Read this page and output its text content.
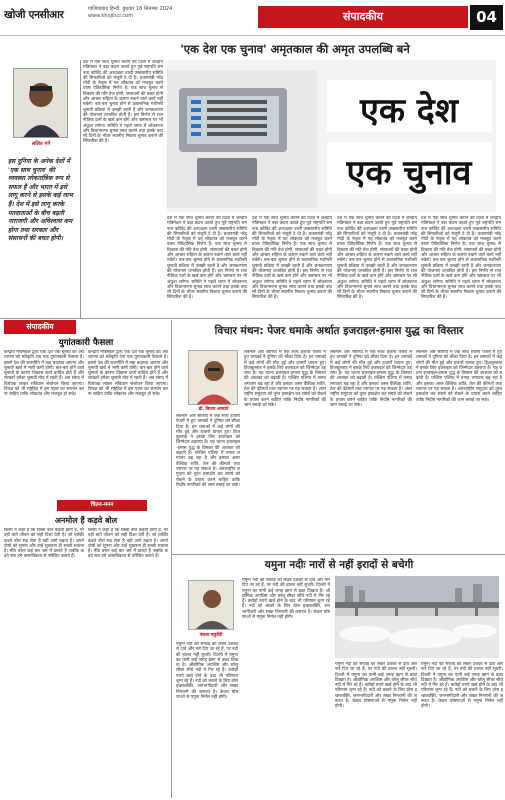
खोजी एनसीआर	गाजियाबाद हिन्दी, बुधवार 18 सितम्बर 2024
www.khojincr.com	संपादकीय	04
'एक देश एक चुनाव' अमृतकाल की अमृत उपलब्धि बने
ललित गर्ग
इस दुनिया के अनेक देशों में 'एक साथ चुनाव' की व्यवस्था लोकतांत्रिक रूप से सफल है और भारत में इसे लागू करने से इसके कई लाभ हैं। देश में इसे लागू करके मतदाताओं के बीच बढ़ती नाराजगी और अविश्वास कम होगा तथा सरकार और संसाधनों की बचत होगी।
एक देश
एक चुनाव
देश में एक साथ चुनाव कराने की दिशा में केन्द्रीय मंत्रिमंडल ने बड़ा कदम उठाते हुए पूर्व राष्ट्रपति रामनाथ कोविंद की अध्यक्षता वाली उच्चस्तरीय समिति की सिफारिशों को मंजूरी दे दी है। प्रधानमंत्री नरेंद्र मोदी के नेतृत्व में यह लोकतंत्र को मजबूत करने वाला ऐतिहासिक निर्णय है। एक साथ चुनाव से विकास की गति तेज होगी, संसाधनों की बचत होगी और आचार संहिता के कारण रुकने वाले कार्य नहीं रुकेंगे। बार-बार चुनाव होने से प्रशासनिक मशीनरी चुनावी प्रक्रिया में उलझी रहती है और जनकल्याण की योजनाएं प्रभावित होती हैं। इस निर्णय से राजनीतिक दलों के खर्च कम होंगे और भ्रष्टाचार पर भी अंकुश लगेगा। समिति ने पहले चरण में लोकसभा और विधानसभा चुनाव साथ कराने तथा इसके बाद सौ दिनों के भीतर स्थानीय निकाय चुनाव कराने की सिफारिश की है।
देश में एक साथ चुनाव कराने की दिशा में केन्द्रीय मंत्रिमंडल ने बड़ा कदम उठाते हुए पूर्व राष्ट्रपति रामनाथ कोविंद की अध्यक्षता वाली उच्चस्तरीय समिति की सिफारिशों को मंजूरी दे दी है। प्रधानमंत्री नरेंद्र मोदी के नेतृत्व में यह लोकतंत्र को मजबूत करने वाला ऐतिहासिक निर्णय है। एक साथ चुनाव से विकास की गति तेज होगी, संसाधनों की बचत होगी और आचार संहिता के कारण रुकने वाले कार्य नहीं रुकेंगे। बार-बार चुनाव होने से प्रशासनिक मशीनरी चुनावी प्रक्रिया में उलझी रहती है और जनकल्याण की योजनाएं प्रभावित होती हैं। इस निर्णय से राजनीतिक दलों के खर्च कम होंगे और भ्रष्टाचार पर भी अंकुश लगेगा। समिति ने पहले चरण में लोकसभा और विधानसभा चुनाव साथ कराने तथा इसके बाद सौ दिनों के भीतर स्थानीय निकाय चुनाव कराने की सिफारिश की है।
देश में एक साथ चुनाव कराने की दिशा में केन्द्रीय मंत्रिमंडल ने बड़ा कदम उठाते हुए पूर्व राष्ट्रपति रामनाथ कोविंद की अध्यक्षता वाली उच्चस्तरीय समिति की सिफारिशों को मंजूरी दे दी है। प्रधानमंत्री नरेंद्र मोदी के नेतृत्व में यह लोकतंत्र को मजबूत करने वाला ऐतिहासिक निर्णय है। एक साथ चुनाव से विकास की गति तेज होगी, संसाधनों की बचत होगी और आचार संहिता के कारण रुकने वाले कार्य नहीं रुकेंगे। बार-बार चुनाव होने से प्रशासनिक मशीनरी चुनावी प्रक्रिया में उलझी रहती है और जनकल्याण की योजनाएं प्रभावित होती हैं। इस निर्णय से राजनीतिक दलों के खर्च कम होंगे और भ्रष्टाचार पर भी अंकुश लगेगा। समिति ने पहले चरण में लोकसभा और विधानसभा चुनाव साथ कराने तथा इसके बाद सौ दिनों के भीतर स्थानीय निकाय चुनाव कराने की सिफारिश की है।
देश में एक साथ चुनाव कराने की दिशा में केन्द्रीय मंत्रिमंडल ने बड़ा कदम उठाते हुए पूर्व राष्ट्रपति रामनाथ कोविंद की अध्यक्षता वाली उच्चस्तरीय समिति की सिफारिशों को मंजूरी दे दी है। प्रधानमंत्री नरेंद्र मोदी के नेतृत्व में यह लोकतंत्र को मजबूत करने वाला ऐतिहासिक निर्णय है। एक साथ चुनाव से विकास की गति तेज होगी, संसाधनों की बचत होगी और आचार संहिता के कारण रुकने वाले कार्य नहीं रुकेंगे। बार-बार चुनाव होने से प्रशासनिक मशीनरी चुनावी प्रक्रिया में उलझी रहती है और जनकल्याण की योजनाएं प्रभावित होती हैं। इस निर्णय से राजनीतिक दलों के खर्च कम होंगे और भ्रष्टाचार पर भी अंकुश लगेगा। समिति ने पहले चरण में लोकसभा और विधानसभा चुनाव साथ कराने तथा इसके बाद सौ दिनों के भीतर स्थानीय निकाय चुनाव कराने की सिफारिश की है।
देश में एक साथ चुनाव कराने की दिशा में केन्द्रीय मंत्रिमंडल ने बड़ा कदम उठाते हुए पूर्व राष्ट्रपति रामनाथ कोविंद की अध्यक्षता वाली उच्चस्तरीय समिति की सिफारिशों को मंजूरी दे दी है। प्रधानमंत्री नरेंद्र मोदी के नेतृत्व में यह लोकतंत्र को मजबूत करने वाला ऐतिहासिक निर्णय है। एक साथ चुनाव से विकास की गति तेज होगी, संसाधनों की बचत होगी और आचार संहिता के कारण रुकने वाले कार्य नहीं रुकेंगे। बार-बार चुनाव होने से प्रशासनिक मशीनरी चुनावी प्रक्रिया में उलझी रहती है और जनकल्याण की योजनाएं प्रभावित होती हैं। इस निर्णय से राजनीतिक दलों के खर्च कम होंगे और भ्रष्टाचार पर भी अंकुश लगेगा। समिति ने पहले चरण में लोकसभा और विधानसभा चुनाव साथ कराने तथा इसके बाद सौ दिनों के भीतर स्थानीय निकाय चुनाव कराने की सिफारिश की है।
संपादकीय
युगांतकारी फैसला
केन्द्रीय मंत्रिमंडल द्वारा एक देश एक चुनाव की अवधारणा को स्वीकृति देना एक युगांतकारी फैसला है। इससे देश की राजनीति में बड़ा बदलाव आएगा और चुनावी खर्च में भारी कमी होगी। बार-बार होने वाले चुनावों के कारण विकास कार्य बाधित होते हैं और सरकारें हमेशा चुनावी मोड में रहती हैं। अब संसद में विधेयक लाकर संविधान संशोधन किया जाएगा। विपक्ष को भी राष्ट्रहित में इस पहल का समर्थन करना चाहिए ताकि लोकतंत्र और मजबूत हो सके।
केन्द्रीय मंत्रिमंडल द्वारा एक देश एक चुनाव की अवधारणा को स्वीकृति देना एक युगांतकारी फैसला है। इससे देश की राजनीति में बड़ा बदलाव आएगा और चुनावी खर्च में भारी कमी होगी। बार-बार होने वाले चुनावों के कारण विकास कार्य बाधित होते हैं और सरकारें हमेशा चुनावी मोड में रहती हैं। अब संसद में विधेयक लाकर संविधान संशोधन किया जाएगा। विपक्ष को भी राष्ट्रहित में इस पहल का समर्थन करना चाहिए ताकि लोकतंत्र और मजबूत हो सके।
चिंतन-मनन
अनमोल हैं कड़वे बोल
किसी ने कहा है कि सच्ची बातें कड़वी होती हैं, पर वही बातें जीवन को सही दिशा देती हैं। जो व्यक्ति कड़वे बोल सह लेता है वही आगे बढ़ता है। अपने दोषों को सुनना और उन्हें सुधारना ही सच्ची साधना है। मीठे वचन कई बार भ्रम में डालते हैं जबकि कड़वे सच हमें वास्तविकता से परिचित कराते हैं।
किसी ने कहा है कि सच्ची बातें कड़वी होती हैं, पर वही बातें जीवन को सही दिशा देती हैं। जो व्यक्ति कड़वे बोल सह लेता है वही आगे बढ़ता है। अपने दोषों को सुनना और उन्हें सुधारना ही सच्ची साधना है। मीठे वचन कई बार भ्रम में डालते हैं जबकि कड़वे सच हमें वास्तविकता से परिचित कराते हैं।
विचार मंथन: पेजर धमाके अर्थात इजराइल-हमास युद्ध का विस्तार
डॉ. विजय आचार्य
लेबनान और सीरिया में एक साथ हजारों पेजरों में हुए धमाकों ने दुनिया को चौंका दिया है। इन धमाकों में कई लोगों की मौत हुई और हजारों घायल हुए। हिजबुल्लाह ने इसके लिए इजराइल को जिम्मेदार ठहराया है। यह घटना इजराइल-हमास युद्ध के विस्तार की आशंका को बढ़ाती है। पश्चिम एशिया में तनाव लगातार बढ़ रहा है और इसका असर वैश्विक शांति, तेल की कीमतों तथा व्यापार पर पड़ सकता है। अंतरराष्ट्रीय समुदाय को तुरंत हस्तक्षेप कर संघर्ष को रोकने के प्रयास करने चाहिए ताकि निर्दोष नागरिकों की जान बचाई जा सके।
लेबनान और सीरिया में एक साथ हजारों पेजरों में हुए धमाकों ने दुनिया को चौंका दिया है। इन धमाकों में कई लोगों की मौत हुई और हजारों घायल हुए। हिजबुल्लाह ने इसके लिए इजराइल को जिम्मेदार ठहराया है। यह घटना इजराइल-हमास युद्ध के विस्तार की आशंका को बढ़ाती है। पश्चिम एशिया में तनाव लगातार बढ़ रहा है और इसका असर वैश्विक शांति, तेल की कीमतों तथा व्यापार पर पड़ सकता है। अंतरराष्ट्रीय समुदाय को तुरंत हस्तक्षेप कर संघर्ष को रोकने के प्रयास करने चाहिए ताकि निर्दोष नागरिकों की जान बचाई जा सके।
लेबनान और सीरिया में एक साथ हजारों पेजरों में हुए धमाकों ने दुनिया को चौंका दिया है। इन धमाकों में कई लोगों की मौत हुई और हजारों घायल हुए। हिजबुल्लाह ने इसके लिए इजराइल को जिम्मेदार ठहराया है। यह घटना इजराइल-हमास युद्ध के विस्तार की आशंका को बढ़ाती है। पश्चिम एशिया में तनाव लगातार बढ़ रहा है और इसका असर वैश्विक शांति, तेल की कीमतों तथा व्यापार पर पड़ सकता है। अंतरराष्ट्रीय समुदाय को तुरंत हस्तक्षेप कर संघर्ष को रोकने के प्रयास करने चाहिए ताकि निर्दोष नागरिकों की जान बचाई जा सके।
लेबनान और सीरिया में एक साथ हजारों पेजरों में हुए धमाकों ने दुनिया को चौंका दिया है। इन धमाकों में कई लोगों की मौत हुई और हजारों घायल हुए। हिजबुल्लाह ने इसके लिए इजराइल को जिम्मेदार ठहराया है। यह घटना इजराइल-हमास युद्ध के विस्तार की आशंका को बढ़ाती है। पश्चिम एशिया में तनाव लगातार बढ़ रहा है और इसका असर वैश्विक शांति, तेल की कीमतों तथा व्यापार पर पड़ सकता है। अंतरराष्ट्रीय समुदाय को तुरंत हस्तक्षेप कर संघर्ष को रोकने के प्रयास करने चाहिए ताकि निर्दोष नागरिकों की जान बचाई जा सके।
यमुना नदीः नारों से नहीं इरादों से बचेगी
पंकज चतुर्वेदी
यमुना नदी की सफाई को लेकर दशकों से दावे और नारे दिए जा रहे हैं, पर नदी की हालत नहीं सुधरी। दिल्ली में यमुना का पानी कई जगह झाग से ढका दिखता है। औद्योगिक अपशिष्ट और घरेलू सीवर सीधे नदी में गिर रहे हैं। करोड़ों रुपये खर्च होने के बाद भी परिणाम शून्य रहे हैं। नदी को बचाने के लिए ठोस इच्छाशक्ति, जनभागीदारी और सख्त निगरानी की जरूरत है। केवल घोषणाओं से यमुना निर्मल नहीं होगी।
यमुना नदी की सफाई को लेकर दशकों से दावे और नारे दिए जा रहे हैं, पर नदी की हालत नहीं सुधरी। दिल्ली में यमुना का पानी कई जगह झाग से ढका दिखता है। औद्योगिक अपशिष्ट और घरेलू सीवर सीधे नदी में गिर रहे हैं। करोड़ों रुपये खर्च होने के बाद भी परिणाम शून्य रहे हैं। नदी को बचाने के लिए ठोस इच्छाशक्ति, जनभागीदारी और सख्त निगरानी की जरूरत है। केवल घोषणाओं से यमुना निर्मल नहीं होगी।
यमुना नदी की सफाई को लेकर दशकों से दावे और नारे दिए जा रहे हैं, पर नदी की हालत नहीं सुधरी। दिल्ली में यमुना का पानी कई जगह झाग से ढका दिखता है। औद्योगिक अपशिष्ट और घरेलू सीवर सीधे नदी में गिर रहे हैं। करोड़ों रुपये खर्च होने के बाद भी परिणाम शून्य रहे हैं। नदी को बचाने के लिए ठोस इच्छाशक्ति, जनभागीदारी और सख्त निगरानी की जरूरत है। केवल घोषणाओं से यमुना निर्मल नहीं होगी।
यमुना नदी की सफाई को लेकर दशकों से दावे और नारे दिए जा रहे हैं, पर नदी की हालत नहीं सुधरी। दिल्ली में यमुना का पानी कई जगह झाग से ढका दिखता है। औद्योगिक अपशिष्ट और घरेलू सीवर सीधे नदी में गिर रहे हैं। करोड़ों रुपये खर्च होने के बाद भी परिणाम शून्य रहे हैं। नदी को बचाने के लिए ठोस इच्छाशक्ति, जनभागीदारी और सख्त निगरानी की जरूरत है। केवल घोषणाओं से यमुना निर्मल नहीं होगी।
